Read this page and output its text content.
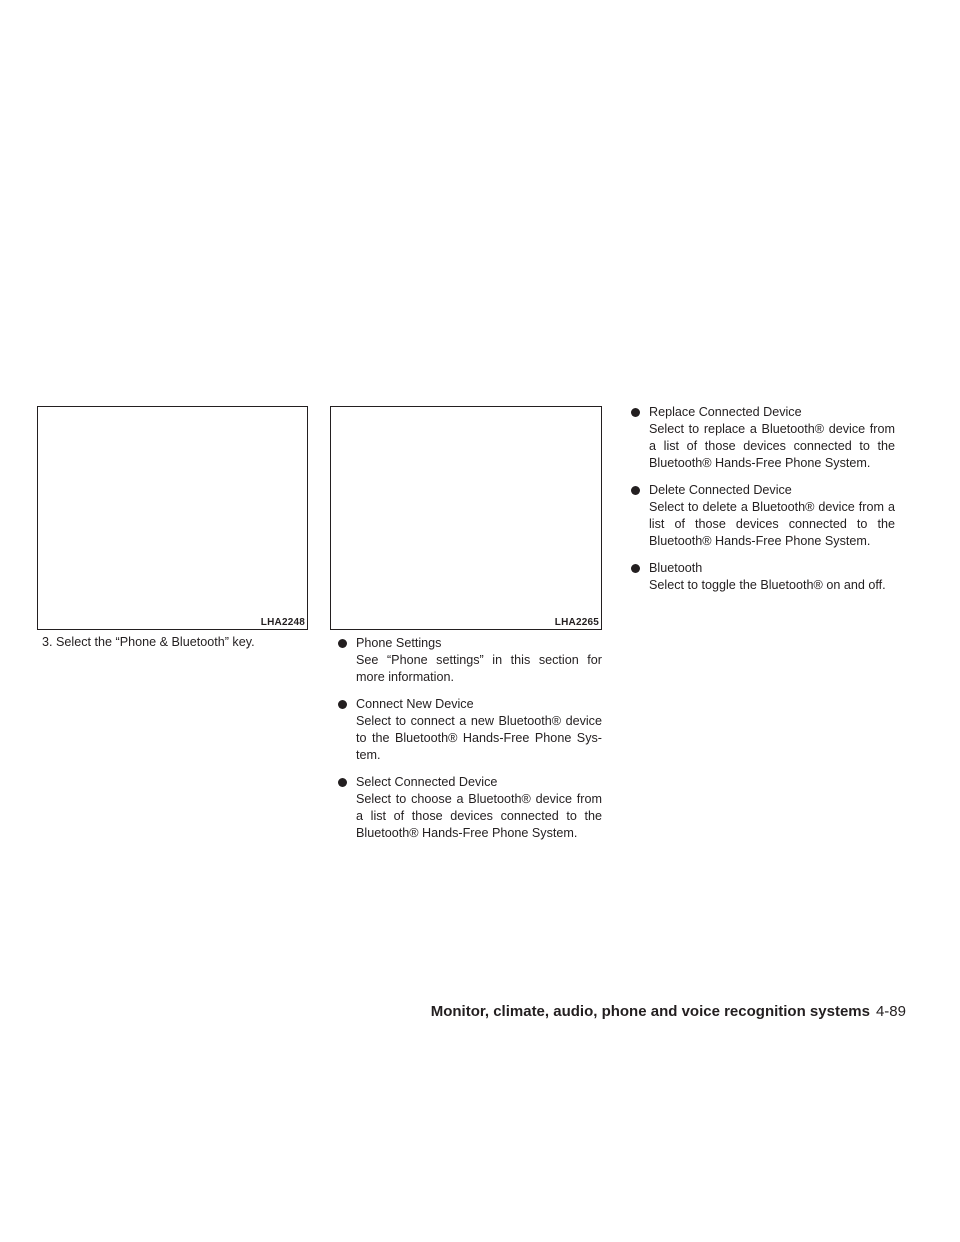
LHA2248	LHA2265
3. Select the “Phone & Bluetooth” key.	Phone Settings
See “Phone settings” in this section for more information.
Connect New Device
Select to connect a new Bluetooth® device to the Bluetooth® Hands-Free Phone Sys-tem.
Select Connected Device
Select to choose a Bluetooth® device from a list of those devices connected to the Bluetooth® Hands-Free Phone System.
Replace Connected Device
Select to replace a Bluetooth® device from a list of those devices connected to the Bluetooth® Hands-Free Phone System.
Delete Connected Device
Select to delete a Bluetooth® device from a list of those devices connected to the Bluetooth® Hands-Free Phone System.
Bluetooth
Select to toggle the Bluetooth® on and off.
Monitor, climate, audio, phone and voice recognition systems 4-89
